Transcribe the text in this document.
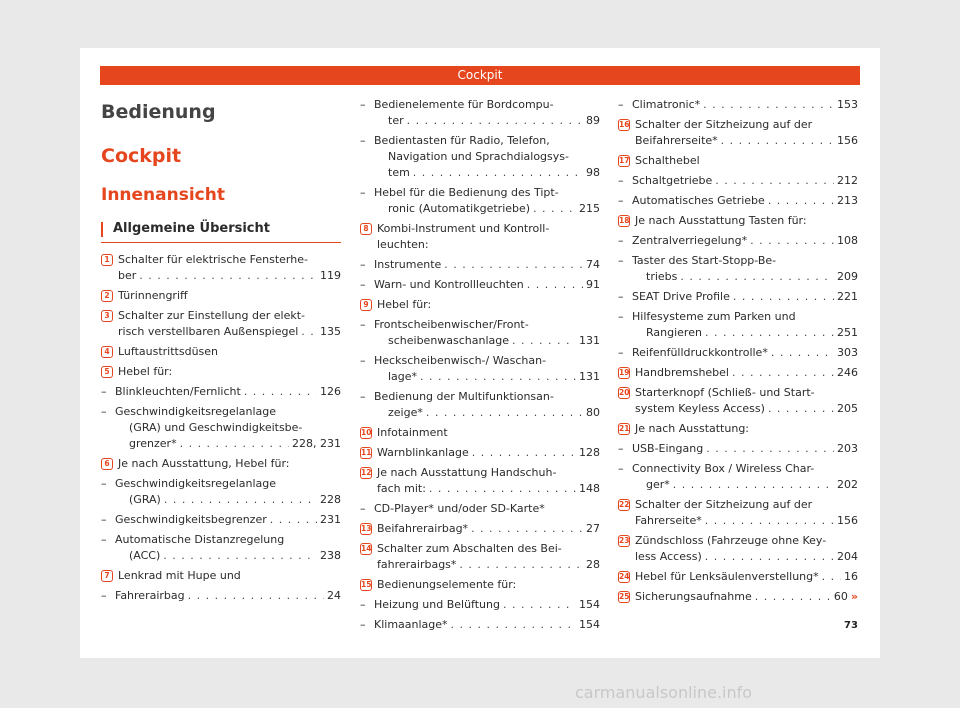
Cockpit
Bedienung
Cockpit
Innenansicht
Allgemeine Übersicht
1 Schalter für elektrische Fensterhe-
ber . . .	119
2 Türinnengriff
3 Schalter zur Einstellung der elekt-
risch verstellbaren Außenspiegel . . . 135
4 Luftaustrittsdüsen
5 Hebel für:
– Blinkleuchten/Fernlicht . . .	126
– Geschwindigkeitsregelanlage
(GRA) und Geschwindigkeitsbe-
grenzer* . . .	228, 231
6 Je nach Ausstattung, Hebel für:
– Geschwindigkeitsregelanlage
(GRA) . . .	228
– Geschwindigkeitsbegrenzer . . .	231
– Automatische Distanzregelung
(ACC) . . .	238
7 Lenkrad mit Hupe und
– Fahrerairbag . . .	24
– Bedienelemente für Bordcompu-
ter . . .	89
– Bedientasten für Radio, Telefon,
Navigation und Sprachdialogsys-
tem . . .	98
– Hebel für die Bedienung des Tipt-
ronic (Automatikgetriebe) . . .	215
8 Kombi-Instrument und Kontroll-
leuchten:
– Instrumente . . .	74
– Warn- und Kontrollleuchten . . .	91
9 Hebel für:
– Frontscheibenwischer/Front-
scheibenwaschanlage . . .	131
– Heckscheibenwisch-/ Waschan-
lage* . . .	131
– Bedienung der Multifunktionsan-
zeige* . . .	80
10 Infotainment
11 Warnblinkanlage . . .	128
12 Je nach Ausstattung Handschuh-
fach mit: . . .	148
– CD-Player* und/oder SD-Karte*
13 Beifahrerairbag* . . .	27
14 Schalter zum Abschalten des Bei-
fahrerairbags* . . .	28
15 Bedienungselemente für:
– Heizung und Belüftung . . .	154
– Klimaanlage* . . .	154
– Climatronic* . . .	153
16 Schalter der Sitzheizung auf der
Beifahrerseite* . . .	156
17 Schalthebel
– Schaltgetriebe . . .	212
– Automatisches Getriebe . . .	213
18 Je nach Ausstattung Tasten für:
– Zentralverriegelung* . . .	108
– Taster des Start-Stopp-Be-
triebs . . .	209
– SEAT Drive Profile . . .	221
– Hilfesysteme zum Parken und
Rangieren . . .	251
– Reifenfülldruckkontrolle* . . .	303
19 Handbremshebel . . .	246
20 Starterknopf (Schließ- und Start-
system Keyless Access) . . .	205
21 Je nach Ausstattung:
– USB-Eingang . . .	203
– Connectivity Box / Wireless Char-
ger* . . .	202
22 Schalter der Sitzheizung auf der
Fahrerseite* . . .	156
23 Zündschloss (Fahrzeuge ohne Key-
less Access) . . .	204
24 Hebel für Lenksäulenverstellung* . . . 16
25 Sicherungsaufnahme . . .	60 »
73
carmanualsonline.info
